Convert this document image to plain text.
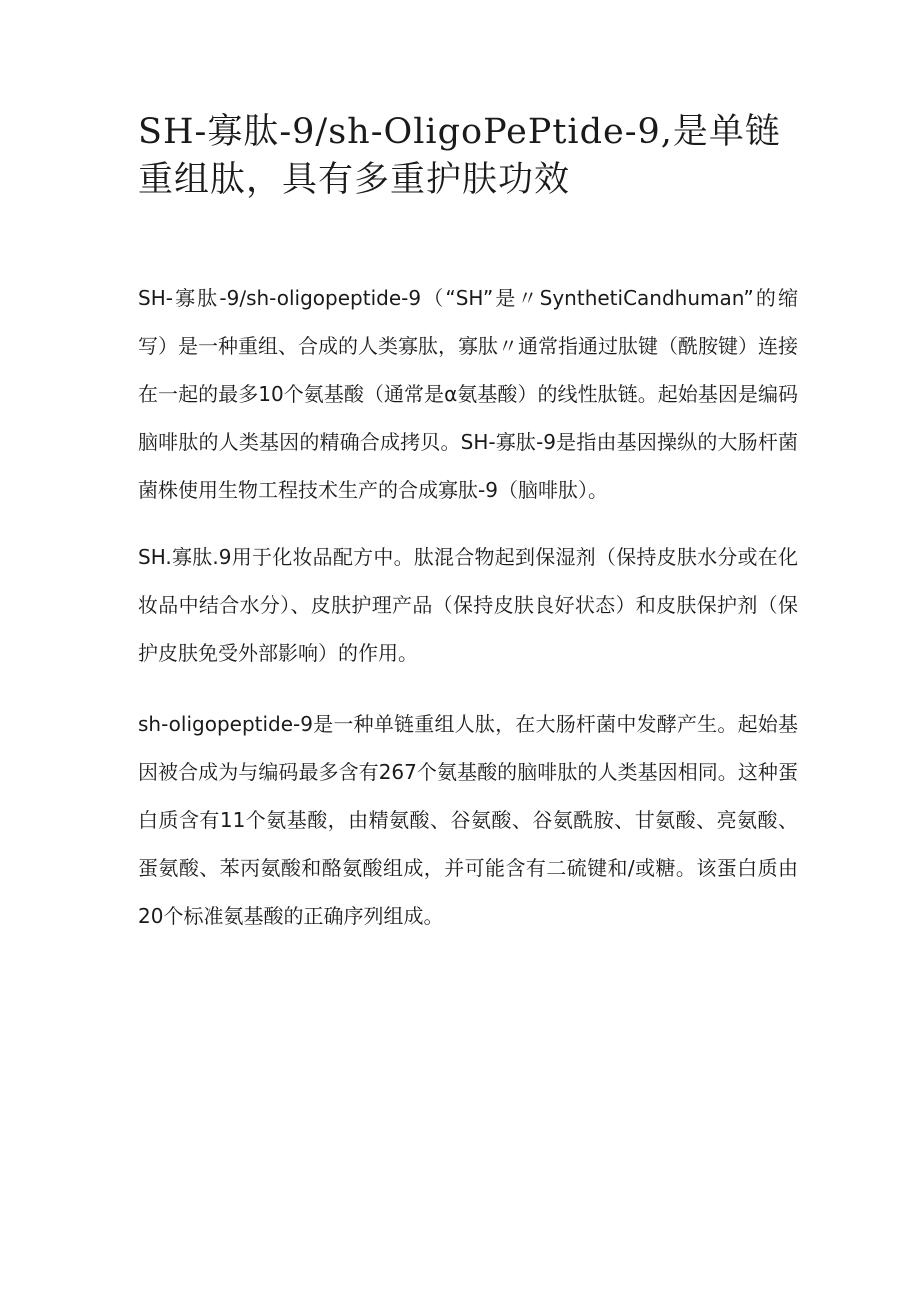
SH-寡肽-9/sh-OligoPePtide-9,是单链重组肽，具有多重护肤功效

SH-寡肽-9∕sh-oligopeptide-9（“SH”是〃SynthetiCandhuman”的缩写）是一种重组、合成的人类寡肽，寡肽〃通常指通过肽键（酰胺键）连接在一起的最多10个氨基酸（通常是α氨基酸）的线性肽链。起始基因是编码脑啡肽的人类基因的精确合成拷贝。SH-寡肽-9是指由基因操纵的大肠杆菌菌株使用生物工程技术生产的合成寡肽-9（脑啡肽）。

SH.寡肽.9用于化妆品配方中。肽混合物起到保湿剂（保持皮肤水分或在化妆品中结合水分）、皮肤护理产品（保持皮肤良好状态）和皮肤保护剂（保护皮肤免受外部影响）的作用。

sh-oligopeptide-9是一种单链重组人肽，在大肠杆菌中发酵产生。起始基因被合成为与编码最多含有267个氨基酸的脑啡肽的人类基因相同。这种蛋白质含有11个氨基酸，由精氨酸、谷氨酸、谷氨酰胺、甘氨酸、亮氨酸、蛋氨酸、苯丙氨酸和酪氨酸组成，并可能含有二硫键和/或糖。该蛋白质由20个标准氨基酸的正确序列组成。
